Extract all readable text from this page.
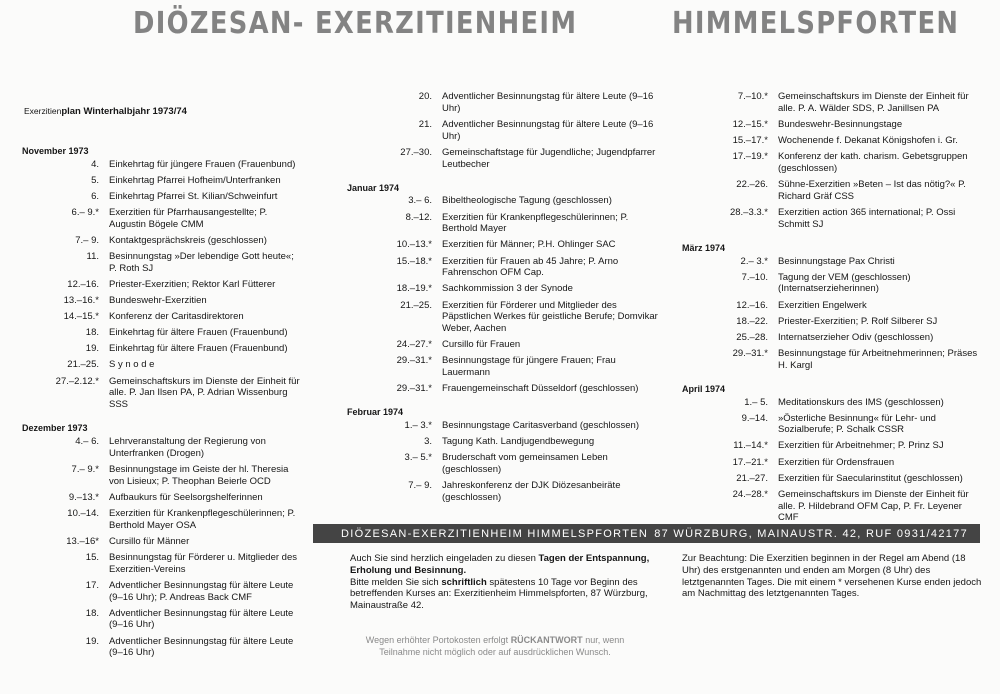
DIÖZESAN- EXERZITIENHEIM	HIMMELSPFORTEN
Exerzitienplan Winterhalbjahr 1973/74
November 1973
4.	Einkehrtag für jüngere Frauen (Frauenbund)
5.	Einkehrtag Pfarrei Hofheim/Unterfranken
6.	Einkehrtag Pfarrei St. Kilian/Schweinfurt
6.– 9.*	Exerzitien für Pfarrhausangestellte; P. Augustin Bögele CMM
7.– 9.	Kontaktgesprächskreis (geschlossen)
11.	Besinnungstag »Der lebendige Gott heute«; P. Roth SJ
12.–16.	Priester-Exerzitien; Rektor Karl Fütterer
13.–16.*	Bundeswehr-Exerzitien
14.–15.*	Konferenz der Caritasdirektoren
18.	Einkehrtag für ältere Frauen (Frauenbund)
19.	Einkehrtag für ältere Frauen (Frauenbund)
21.–25.	S y n o d e
27.–2.12.*	Gemeinschaftskurs im Dienste der Einheit für alle. P. Jan Ilsen PA, P. Adrian Wissenburg SSS
Dezember 1973
4.– 6.	Lehrveranstaltung der Regierung von Unterfranken (Drogen)
7.– 9.*	Besinnungstage im Geiste der hl. Theresia von Lisieux; P. Theophan Beierle OCD
9.–13.*	Aufbaukurs für Seelsorgshelferinnen
10.–14.	Exerzitien für Krankenpflegeschülerinnen; P. Berthold Mayer OSA
13.–16*	Cursillo für Männer
15.	Besinnungstag für Förderer u. Mitglieder des Exerzitien-Vereins
17.	Adventlicher Besinnungstag für ältere Leute (9–16 Uhr); P. Andreas Back CMF
18.	Adventlicher Besinnungstag für ältere Leute (9–16 Uhr)
19.	Adventlicher Besinnungstag für ältere Leute (9–16 Uhr)
20.	Adventlicher Besinnungstag für ältere Leute (9–16 Uhr)
21.	Adventlicher Besinnungstag für ältere Leute (9–16 Uhr)
27.–30.	Gemeinschaftstage für Jugendliche; Jugendpfarrer Leutbecher
Januar 1974
3.– 6.	Bibeltheologische Tagung (geschlossen)
8.–12.	Exerzitien für Krankenpflegeschülerinnen; P. Berthold Mayer
10.–13.*	Exerzitien für Männer; P.H. Ohlinger SAC
15.–18.*	Exerzitien für Frauen ab 45 Jahre; P. Arno Fahrenschon OFM Cap.
18.–19.*	Sachkommission 3 der Synode
21.–25.	Exerzitien für Förderer und Mitglieder des Päpstlichen Werkes für geistliche Berufe; Domvikar Weber, Aachen
24.–27.*	Cursillo für Frauen
29.–31.*	Besinnungstage für jüngere Frauen; Frau Lauermann
29.–31.*	Frauengemeinschaft Düsseldorf (geschlossen)
Februar 1974
1.– 3.*	Besinnungstage Caritasverband (geschlossen)
3.	Tagung Kath. Landjugendbewegung
3.– 5.*	Bruderschaft vom gemeinsamen Leben (geschlossen)
7.– 9.	Jahreskonferenz der DJK Diözesanbeiräte (geschlossen)
7.–10.*	Gemeinschaftskurs im Dienste der Einheit für alle. P. A. Wälder SDS, P. Janillsen PA
12.–15.*	Bundeswehr-Besinnungstage
15.–17.*	Wochenende f. Dekanat Königshofen i. Gr.
17.–19.*	Konferenz der kath. charism. Gebetsgruppen (geschlossen)
22.–26.	Sühne-Exerzitien »Beten – Ist das nötig?« P. Richard Gräf CSS
28.–3.3.*	Exerzitien action 365 international; P. Ossi Schmitt SJ
März 1974
2.– 3.*	Besinnungstage Pax Christi
7.–10.	Tagung der VEM (geschlossen) (Internatserzieherinnen)
12.–16.	Exerzitien Engelwerk
18.–22.	Priester-Exerzitien; P. Rolf Silberer SJ
25.–28.	Internatserzieher Odiv (geschlossen)
29.–31.*	Besinnungstage für Arbeitnehmerinnen; Präses H. Kargl
April 1974
1.– 5.	Meditationskurs des IMS (geschlossen)
9.–14.	»Österliche Besinnung« für Lehr- und Sozialberufe; P. Schalk CSSR
11.–14.*	Exerzitien für Arbeitnehmer; P. Prinz SJ
17.–21.*	Exerzitien für Ordensfrauen
21.–27.	Exerzitien für Saecularinstitut (geschlossen)
24.–28.*	Gemeinschaftskurs im Dienste der Einheit für alle. P. Hildebrand OFM Cap, P. Fr. Leyener CMF
DIÖZESAN-EXERZITIENHEIM HIMMELSPFORTEN 87 WÜRZBURG, MAINAUSTR. 42, RUF 0931/42177
Auch Sie sind herzlich eingeladen zu diesen Tagen der Entspannung, Erholung und Besinnung.
Bitte melden Sie sich schriftlich spätestens 10 Tage vor Beginn des betreffenden Kurses an: Exerzitienheim Himmelspforten, 87 Würzburg, Mainaustraße 42.
Zur Beachtung: Die Exerzitien beginnen in der Regel am Abend (18 Uhr) des erstgenannten und enden am Morgen (8 Uhr) des letztgenannten Tages. Die mit einem * versehenen Kurse enden jedoch am Nachmittag des letztgenannten Tages.
Wegen erhöhter Portokosten erfolgt RÜCKANTWORT nur, wenn Teilnahme nicht möglich oder auf ausdrücklichen Wunsch.
